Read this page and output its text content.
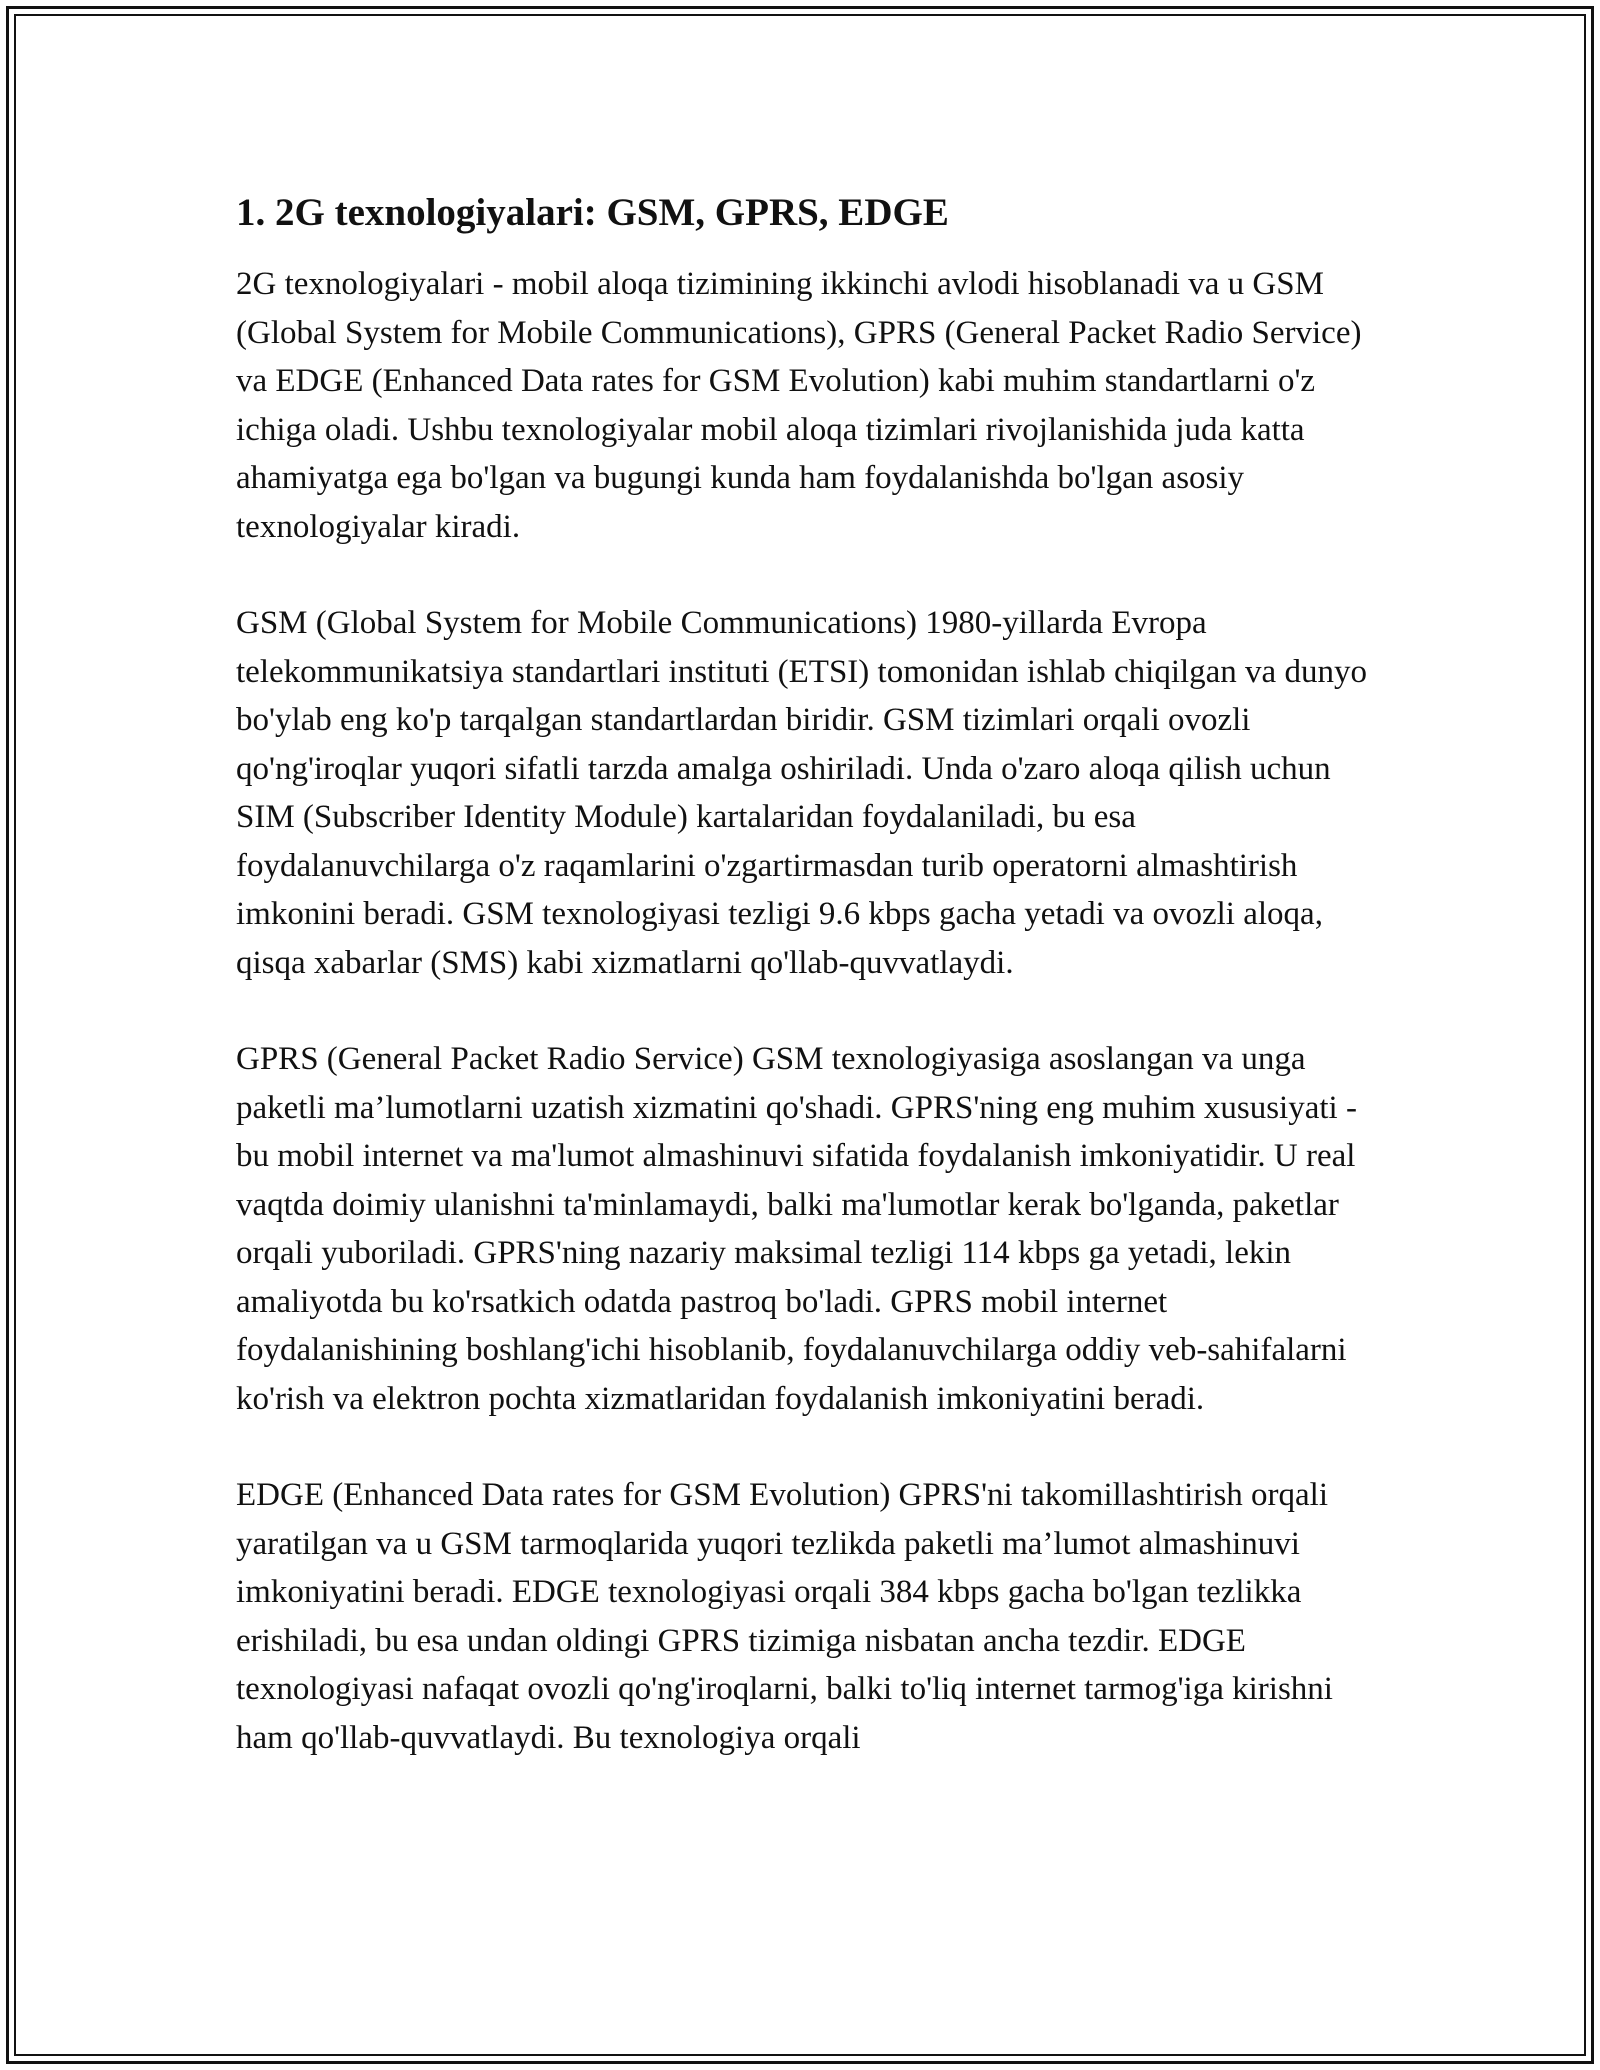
1. 2G texnologiyalari: GSM, GPRS, EDGE

2G texnologiyalari - mobil aloqa tizimining ikkinchi avlodi hisoblanadi va u GSM (Global System for Mobile Communications), GPRS (General Packet Radio Service) va EDGE (Enhanced Data rates for GSM Evolution) kabi muhim standartlarni o'z ichiga oladi. Ushbu texnologiyalar mobil aloqa tizimlari rivojlanishida juda katta ahamiyatga ega bo'lgan va bugungi kunda ham foydalanishda bo'lgan asosiy texnologiyalar kiradi.

GSM (Global System for Mobile Communications) 1980-yillarda Evropa telekommunikatsiya standartlari instituti (ETSI) tomonidan ishlab chiqilgan va dunyo bo'ylab eng ko'p tarqalgan standartlardan biridir. GSM tizimlari orqali ovozli qo'ng'iroqlar yuqori sifatli tarzda amalga oshiriladi. Unda o'zaro aloqa qilish uchun SIM (Subscriber Identity Module) kartalaridan foydalaniladi, bu esa foydalanuvchilarga o'z raqamlarini o'zgartirmasdan turib operatorni almashtirish imkonini beradi. GSM texnologiyasi tezligi 9.6 kbps gacha yetadi va ovozli aloqa, qisqa xabarlar (SMS) kabi xizmatlarni qo'llab-quvvatlaydi.

GPRS (General Packet Radio Service) GSM texnologiyasiga asoslangan va unga paketli ma’lumotlarni uzatish xizmatini qo'shadi. GPRS'ning eng muhim xususiyati - bu mobil internet va ma'lumot almashinuvi sifatida foydalanish imkoniyatidir. U real vaqtda doimiy ulanishni ta'minlamaydi, balki ma'lumotlar kerak bo'lganda, paketlar orqali yuboriladi. GPRS'ning nazariy maksimal tezligi 114 kbps ga yetadi, lekin amaliyotda bu ko'rsatkich odatda pastroq bo'ladi. GPRS mobil internet foydalanishining boshlang'ichi hisoblanib, foydalanuvchilarga oddiy veb-sahifalarni ko'rish va elektron pochta xizmatlaridan foydalanish imkoniyatini beradi.

EDGE (Enhanced Data rates for GSM Evolution) GPRS'ni takomillashtirish orqali yaratilgan va u GSM tarmoqlarida yuqori tezlikda paketli ma’lumot almashinuvi imkoniyatini beradi. EDGE texnologiyasi orqali 384 kbps gacha bo'lgan tezlikka erishiladi, bu esa undan oldingi GPRS tizimiga nisbatan ancha tezdir. EDGE texnologiyasi nafaqat ovozli qo'ng'iroqlarni, balki to'liq internet tarmog'iga kirishni ham qo'llab-quvvatlaydi. Bu texnologiya orqali
